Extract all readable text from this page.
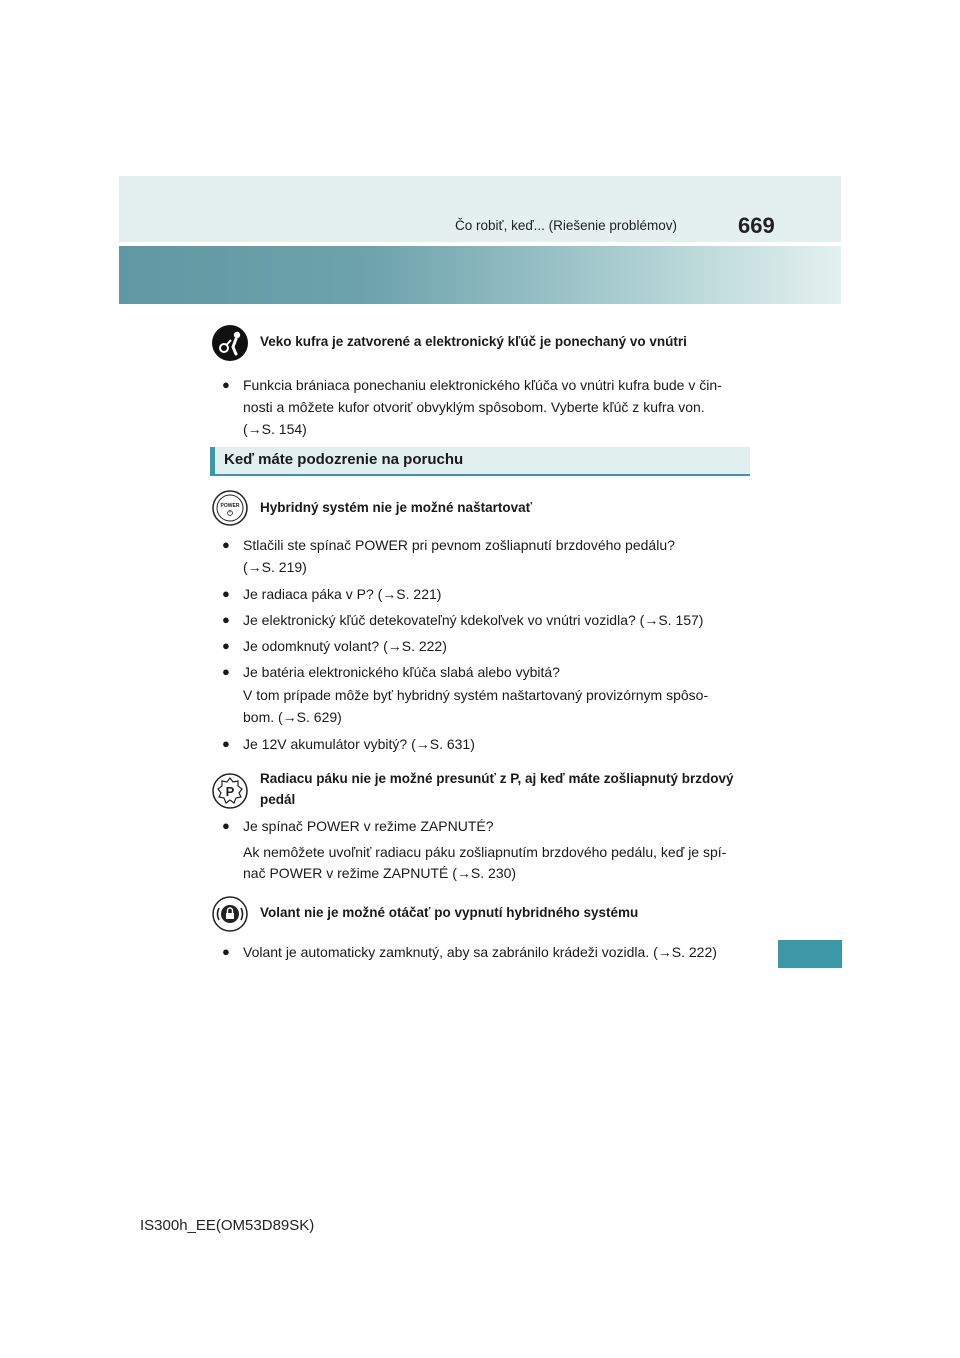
Čo robiť, keď... (Riešenie problémov)	669
Veko kufra je zatvorené a elektronický kľúč je ponechaný vo vnútri
● Funkcia brániaca ponechaniu elektronického kľúča vo vnútri kufra bude v čin-
nosti a môžete kufor otvoriť obvyklým spôsobom. Vyberte kľúč z kufra von.
(→S. 154)
Keď máte podozrenie na poruchu
POWER Hybridný systém nie je možné naštartovať
● Stlačili ste spínač POWER pri pevnom zošliapnutí brzdového pedálu?
(→S. 219)
● Je radiaca páka v P? (→S. 221)
● Je elektronický kľúč detekovateľný kdekoľvek vo vnútri vozidla? (→S. 157)
● Je odomknutý volant? (→S. 222)
● Je batéria elektronického kľúča slabá alebo vybitá?
V tom prípade môže byť hybridný systém naštartovaný provizórnym spôso-
bom. (→S. 629)
● Je 12V akumulátor vybitý? (→S. 631)
P
Radiacu páku nie je možné presunúť z P, aj keď máte zošliapnutý brzdový
pedál
● Je spínač POWER v režime ZAPNUTÉ?
Ak nemôžete uvoľniť radiacu páku zošliapnutím brzdového pedálu, keď je spí-
nač POWER v režime ZAPNUTÉ (→S. 230)
Volant nie je možné otáčať po vypnutí hybridného systému
● Volant je automaticky zamknutý, aby sa zabránilo krádeži vozidla. (→S. 222)
IS300h_EE(OM53D89SK)
